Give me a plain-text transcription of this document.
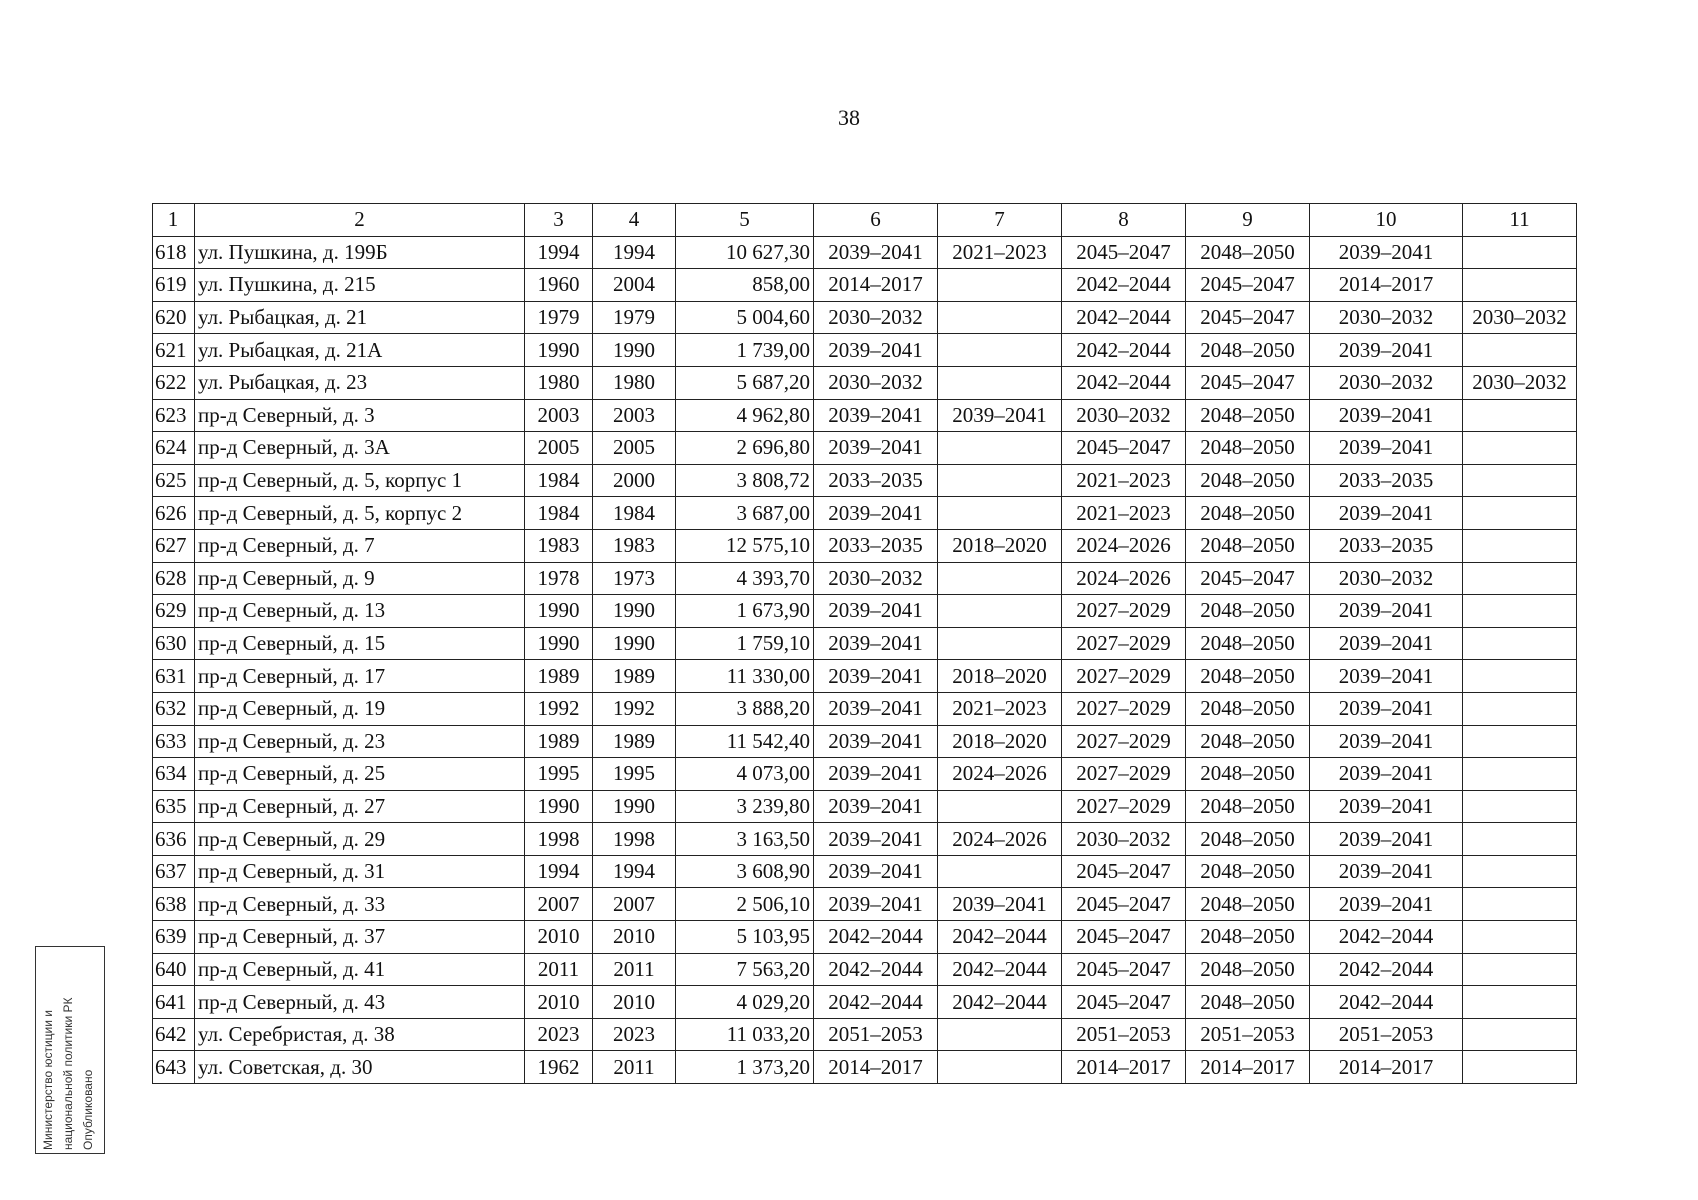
38
1	2	3	4	5	6	7	8	9	10	11
618	ул. Пушкина, д. 199Б	1994	1994	10 627,30	2039–2041	2021–2023	2045–2047	2048–2050	2039–2041	
619	ул. Пушкина, д. 215	1960	2004	858,00	2014–2017		2042–2044	2045–2047	2014–2017	
620	ул. Рыбацкая, д. 21	1979	1979	5 004,60	2030–2032		2042–2044	2045–2047	2030–2032	2030–2032
621	ул. Рыбацкая, д. 21А	1990	1990	1 739,00	2039–2041		2042–2044	2048–2050	2039–2041	
622	ул. Рыбацкая, д. 23	1980	1980	5 687,20	2030–2032		2042–2044	2045–2047	2030–2032	2030–2032
623	пр-д Северный, д. 3	2003	2003	4 962,80	2039–2041	2039–2041	2030–2032	2048–2050	2039–2041	
624	пр-д Северный, д. 3А	2005	2005	2 696,80	2039–2041		2045–2047	2048–2050	2039–2041	
625	пр-д Северный, д. 5, корпус 1	1984	2000	3 808,72	2033–2035		2021–2023	2048–2050	2033–2035	
626	пр-д Северный, д. 5, корпус 2	1984	1984	3 687,00	2039–2041		2021–2023	2048–2050	2039–2041	
627	пр-д Северный, д. 7	1983	1983	12 575,10	2033–2035	2018–2020	2024–2026	2048–2050	2033–2035	
628	пр-д Северный, д. 9	1978	1973	4 393,70	2030–2032		2024–2026	2045–2047	2030–2032	
629	пр-д Северный, д. 13	1990	1990	1 673,90	2039–2041		2027–2029	2048–2050	2039–2041	
630	пр-д Северный, д. 15	1990	1990	1 759,10	2039–2041		2027–2029	2048–2050	2039–2041	
631	пр-д Северный, д. 17	1989	1989	11 330,00	2039–2041	2018–2020	2027–2029	2048–2050	2039–2041	
632	пр-д Северный, д. 19	1992	1992	3 888,20	2039–2041	2021–2023	2027–2029	2048–2050	2039–2041	
633	пр-д Северный, д. 23	1989	1989	11 542,40	2039–2041	2018–2020	2027–2029	2048–2050	2039–2041	
634	пр-д Северный, д. 25	1995	1995	4 073,00	2039–2041	2024–2026	2027–2029	2048–2050	2039–2041	
635	пр-д Северный, д. 27	1990	1990	3 239,80	2039–2041		2027–2029	2048–2050	2039–2041	
636	пр-д Северный, д. 29	1998	1998	3 163,50	2039–2041	2024–2026	2030–2032	2048–2050	2039–2041	
637	пр-д Северный, д. 31	1994	1994	3 608,90	2039–2041		2045–2047	2048–2050	2039–2041	
638	пр-д Северный, д. 33	2007	2007	2 506,10	2039–2041	2039–2041	2045–2047	2048–2050	2039–2041	
639	пр-д Северный, д. 37	2010	2010	5 103,95	2042–2044	2042–2044	2045–2047	2048–2050	2042–2044	
640	пр-д Северный, д. 41	2011	2011	7 563,20	2042–2044	2042–2044	2045–2047	2048–2050	2042–2044	
641	пр-д Северный, д. 43	2010	2010	4 029,20	2042–2044	2042–2044	2045–2047	2048–2050	2042–2044	
642	ул. Серебристая, д. 38	2023	2023	11 033,20	2051–2053		2051–2053	2051–2053	2051–2053	
643	ул. Советская, д. 30	1962	2011	1 373,20	2014–2017		2014–2017	2014–2017	2014–2017	
Министерство юстиции и национальной политики РК Опубликовано
